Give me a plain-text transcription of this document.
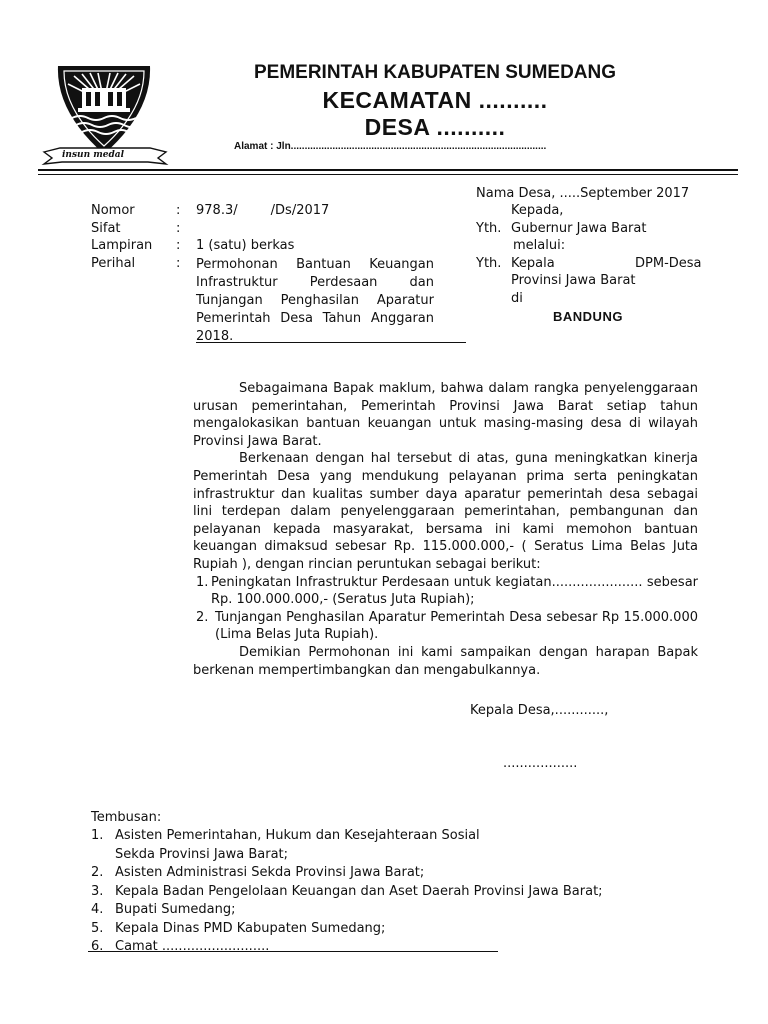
insun medal
PEMERINTAH KABUPATEN SUMEDANG
KECAMATAN ..........
DESA ..........
Alamat : Jln............................................................................................
Nomor	: 978.3/        /Ds/2017
Sifat	:
Lampiran : 1 (satu) berkas
Perihal	: Permohonan Bantuan Keuangan
Infrastruktur Perdesaan dan
Tunjangan Penghasilan Aparatur
Pemerintah Desa Tahun Anggaran
2018.
Nama Desa, .....September 2017
Kepada,
Yth. Gubernur Jawa Barat
melalui:
Yth. Kepala	DPM-Desa
Provinsi Jawa Barat
di
BANDUNG

Sebagaimana Bapak maklum, bahwa dalam rangka penyelenggaraan urusan pemerintahan, Pemerintah Provinsi Jawa Barat setiap tahun mengalokasikan bantuan keuangan untuk masing-masing desa di wilayah Provinsi Jawa Barat.

Berkenaan dengan hal tersebut di atas, guna meningkatkan kinerja Pemerintah Desa yang mendukung pelayanan prima serta peningkatan infrastruktur dan kualitas sumber daya aparatur pemerintah desa sebagai lini terdepan dalam penyelenggaraan pemerintahan, pembangunan dan pelayanan kepada masyarakat, bersama ini kami memohon bantuan keuangan dimaksud sebesar Rp. 115.000.000,- ( Seratus Lima Belas Juta Rupiah ), dengan rincian peruntukan sebagai berikut:

1. Peningkatan Infrastruktur Perdesaan untuk kegiatan...................... sebesar Rp. 100.000.000,- (Seratus Juta Rupiah);
2. Tunjangan Penghasilan Aparatur Pemerintah Desa sebesar Rp 15.000.000 (Lima Belas Juta Rupiah).

Demikian Permohonan ini kami sampaikan dengan harapan Bapak berkenan mempertimbangkan dan mengabulkannya.

Kepala Desa,............,
..................
Tembusan:
1. Asisten Pemerintahan, Hukum dan Kesejahteraan Sosial
Sekda Provinsi Jawa Barat;
2. Asisten Administrasi Sekda Provinsi Jawa Barat;
3. Kepala Badan Pengelolaan Keuangan dan Aset Daerah Provinsi Jawa Barat;
4. Bupati Sumedang;
5. Kepala Dinas PMD Kabupaten Sumedang;
6. Camat ..........................
